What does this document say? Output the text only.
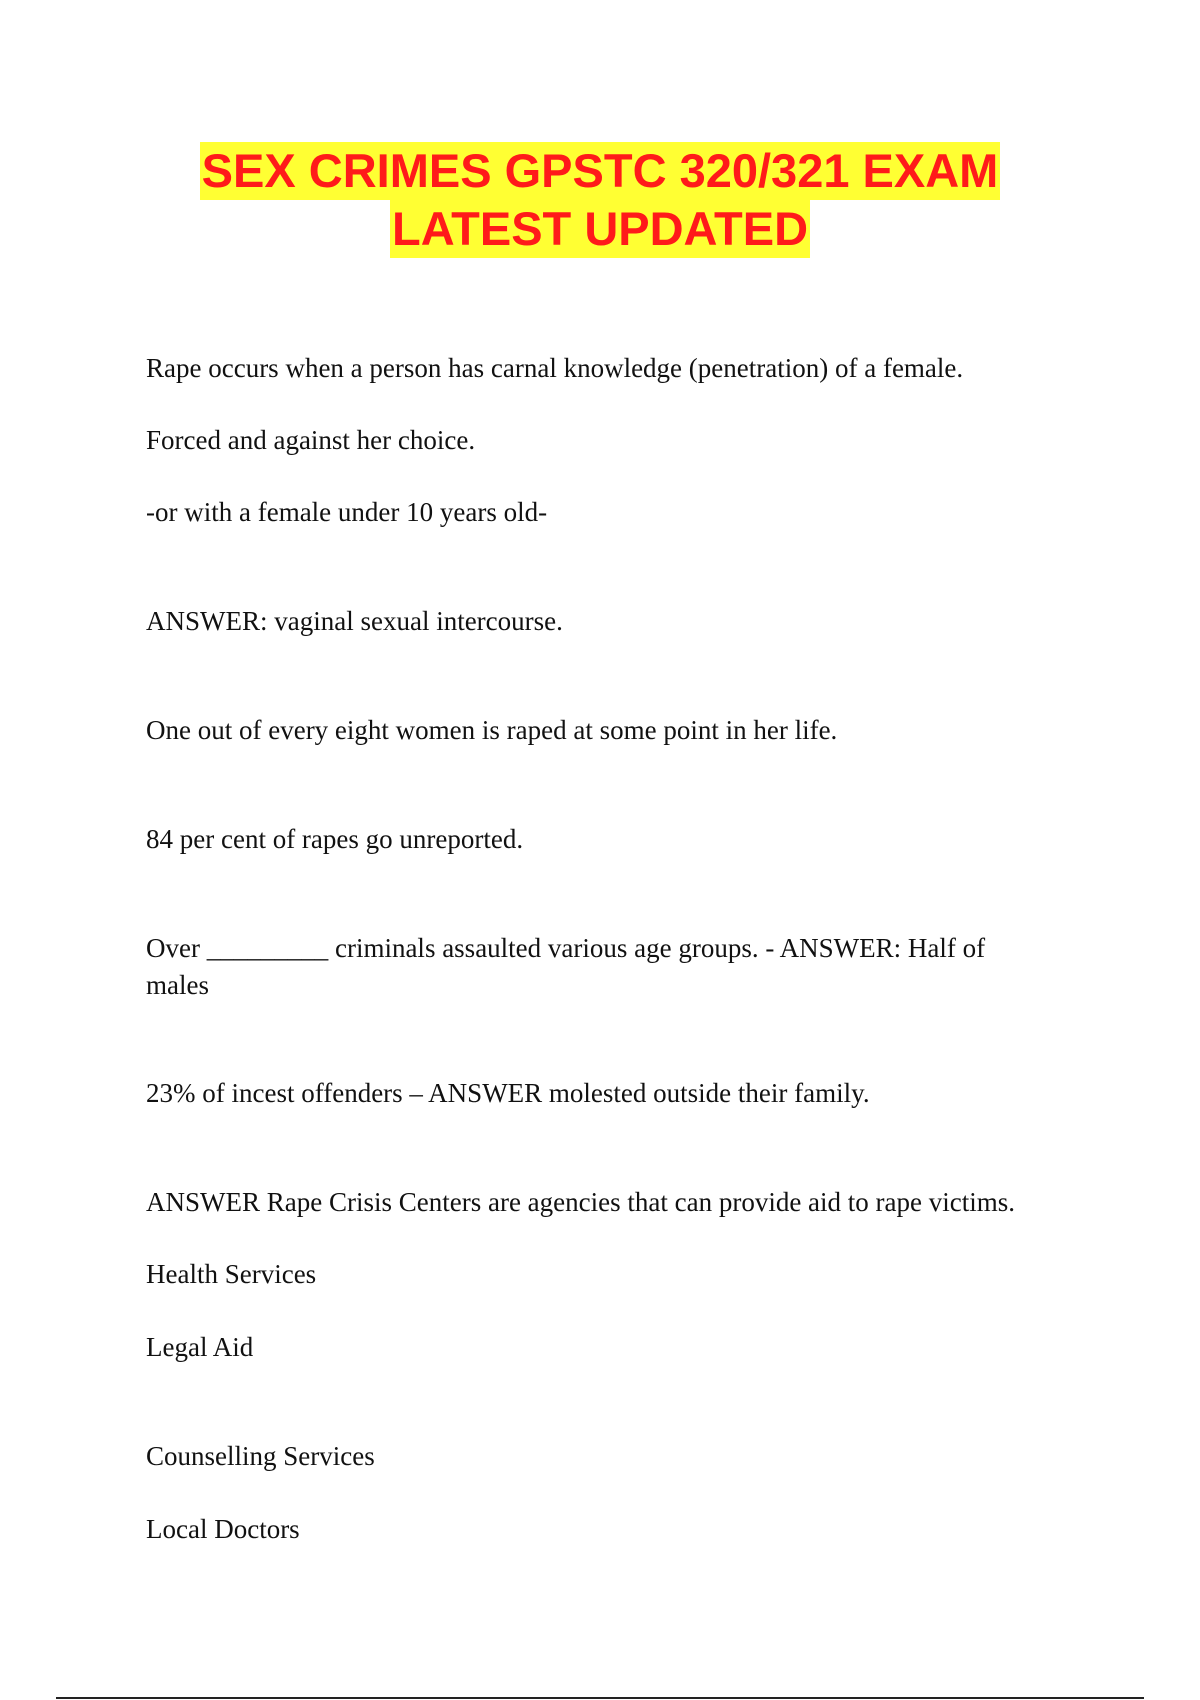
SEX CRIMES GPSTC 320/321 EXAM
LATEST UPDATED
Rape occurs when a person has carnal knowledge (penetration) of a female.
Forced and against her choice.
-or with a female under 10 years old-
ANSWER: vaginal sexual intercourse.
One out of every eight women is raped at some point in her life.
84 per cent of rapes go unreported.
Over _________ criminals assaulted various age groups. - ANSWER: Half of males
23% of incest offenders – ANSWER molested outside their family.
ANSWER Rape Crisis Centers are agencies that can provide aid to rape victims.
Health Services
Legal Aid
Counselling Services
Local Doctors
